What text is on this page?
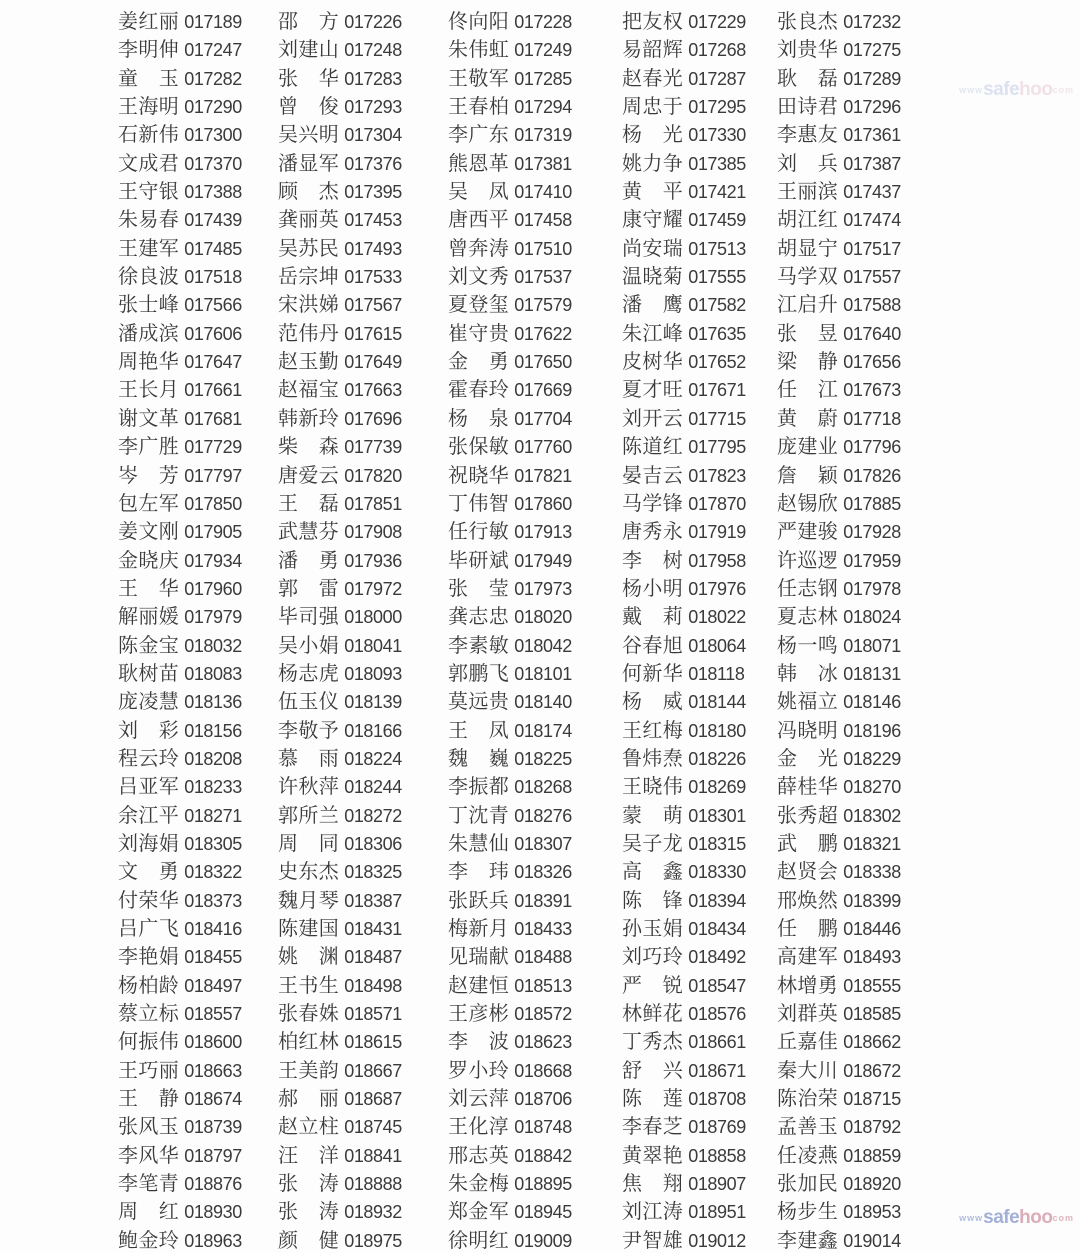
姜红丽 017189	邵　方 017226	佟向阳 017228	把友权 017229	张良杰 017232
李明伸 017247	刘建山 017248	朱伟虹 017249	易韶辉 017268	刘贵华 017275
童　玉 017282	张　华 017283	王敬军 017285	赵春光 017287	耿　磊 017289
王海明 017290	曾　俊 017293	王春柏 017294	周忠于 017295	田诗君 017296
石新伟 017300	吴兴明 017304	李广东 017319	杨　光 017330	李惠友 017361
文成君 017370	潘显军 017376	熊恩革 017381	姚力争 017385	刘　兵 017387
王守银 017388	顾　杰 017395	吴　凤 017410	黄　平 017421	王丽滨 017437
朱易春 017439	龚丽英 017453	唐西平 017458	康守耀 017459	胡江红 017474
王建军 017485	吴苏民 017493	曾奔涛 017510	尚安瑞 017513	胡显宁 017517
徐良波 017518	岳宗坤 017533	刘文秀 017537	温晓菊 017555	马学双 017557
张士峰 017566	宋洪娣 017567	夏登玺 017579	潘　鹰 017582	江启升 017588
潘成滨 017606	范伟丹 017615	崔守贵 017622	朱江峰 017635	张　昱 017640
周艳华 017647	赵玉勤 017649	金　勇 017650	皮树华 017652	梁　静 017656
王长月 017661	赵福宝 017663	霍春玲 017669	夏才旺 017671	任　江 017673
谢文革 017681	韩新玲 017696	杨　泉 017704	刘开云 017715	黄　蔚 017718
李广胜 017729	柴　森 017739	张保敏 017760	陈道红 017795	庞建业 017796
岑　芳 017797	唐爱云 017820	祝晓华 017821	晏吉云 017823	詹　颖 017826
包左军 017850	王　磊 017851	丁伟智 017860	马学锋 017870	赵锡欣 017885
姜文刚 017905	武慧芬 017908	任行敏 017913	唐秀永 017919	严建骏 017928
金晓庆 017934	潘　勇 017936	毕研斌 017949	李　树 017958	许巡逻 017959
王　华 017960	郭　雷 017972	张　莹 017973	杨小明 017976	任志钢 017978
解丽媛 017979	毕司强 018000	龚志忠 018020	戴　莉 018022	夏志林 018024
陈金宝 018032	吴小娟 018041	李素敏 018042	谷春旭 018064	杨一鸣 018071
耿树苗 018083	杨志虎 018093	郭鹏飞 018101	何新华 018118	韩　冰 018131
庞凌慧 018136	伍玉仪 018139	莫远贵 018140	杨　威 018144	姚福立 018146
刘　彩 018156	李敬予 018166	王　凤 018174	王红梅 018180	冯晓明 018196
程云玲 018208	慕　雨 018224	魏　巍 018225	鲁炜焘 018226	金　光 018229
吕亚军 018233	许秋萍 018244	李振都 018268	王晓伟 018269	薛桂华 018270
余江平 018271	郭所兰 018272	丁沈青 018276	蒙　萌 018301	张秀超 018302
刘海娟 018305	周　同 018306	朱慧仙 018307	吴子龙 018315	武　鹏 018321
文　勇 018322	史东杰 018325	李　玮 018326	高　鑫 018330	赵贤会 018338
付荣华 018373	魏月琴 018387	张跃兵 018391	陈　锋 018394	邢焕然 018399
吕广飞 018416	陈建国 018431	梅新月 018433	孙玉娟 018434	任　鹏 018446
李艳娟 018455	姚　渊 018487	见瑞献 018488	刘巧玲 018492	高建军 018493
杨柏龄 018497	王书生 018498	赵建恒 018513	严　锐 018547	林增勇 018555
蔡立标 018557	张春姝 018571	王彦彬 018572	林鲜花 018576	刘群英 018585
何振伟 018600	柏红林 018615	李　波 018623	丁秀杰 018661	丘嘉佳 018662
王巧丽 018663	王美韵 018667	罗小玲 018668	舒　兴 018671	秦大川 018672
王　静 018674	郝　丽 018687	刘云萍 018706	陈　莲 018708	陈治荣 018715
张风玉 018739	赵立柱 018745	王化淳 018748	李春芝 018769	孟善玉 018792
李风华 018797	汪　洋 018841	邢志英 018842	黄翠艳 018858	任凌燕 018859
李笔青 018876	张　涛 018888	朱金梅 018895	焦　翔 018907	张加民 018920
周　红 018930	张　涛 018932	郑金军 018945	刘江涛 018951	杨步生 018953
鲍金玲 018963	颜　健 018975	徐明红 019009	尹智雄 019012	李建鑫 019014
wwwsafehoocom
wwwsafehoocom
